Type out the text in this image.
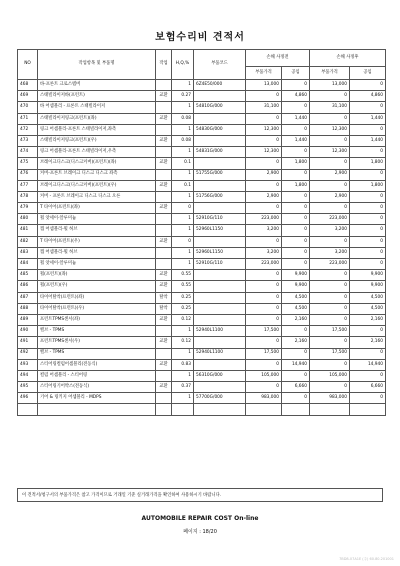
보험수리비 견적서
NO	작업항목 및 부품명	작업	H,Q,%	부품코드	손해 사정전		손해 사정후	
					부품가격	공임	부품가격	공임
468	바-프론트 크로스멤버		1	6Z4E50/000	13,000	0	13,000	0
469	스태빌라이저바(프런트)	교환	0.27		0	4,860	0	4,860
470	바 어셈블리 - 프론트 스태빌라이저		1	54810G/000	31,100	0	31,100	0
471	스태빌라이저링크(프런트)(좌)	교환	0.08		0	1,440	0	1,440
472	링크 어셈블리-프론트 스태빌라이저,좌측		1	54830G/000	12,300	0	12,300	0
473	스태빌라이저링크(프런트)(우)	교환	0.08		0	1,440	0	1,440
474	링크 어셈블리-프론트 스태빌라이저,우측		1	54831G/000	12,300	0	12,300	0
475	브레이크디스크(디스크커버)(프런트)(좌)	교환	0.1		0	1,800	0	1,800
476	커버-프론트 브레이크 디스크 디스크 좌측		1	51755G/000	2,900	0	2,900	0
477	브레이크디스크(디스크커버)(프런트)(우)	교환	0.1		0	1,800	0	1,800
478	커버 - 프론트 브레이크 디스크 디스크 오른		1	51756G/000	2,900	0	2,900	0
479	T 타이어(프런트)(좌)	교환	0		0	0	0	0
480	휠 앗세이-알루미늄		1	52910G/110	223,000	0	223,000	0
481	캡 어셈블리-휠 허브		1	52960L1150	3,200	0	3,200	0
482	T 타이어(프런트)(우)	교환	0		0	0	0	0
483	캡 어셈블리-휠 허브		1	52960L1150	3,200	0	3,200	0
484	휠 앗세이-알루미늄		1	52910G/110	223,000	0	223,000	0
485	휠(프런트)(좌)	교환	0.55		0	9,900	0	9,900
486	휠(프런트)(우)	교환	0.55		0	9,900	0	9,900
487	타이어탈착(프런트)(좌)	탈착	0.25		0	4,500	0	4,500
488	타이어탈착(프런트)(우)	탈착	0.25		0	4,500	0	4,500
489	프런트TPMS센서(좌)	교환	0.12		0	2,160	0	2,160
490	밸브 - TPMS		1	52940L1100	17,500	0	17,500	0
491	프런트TPMS센서(우)	교환	0.12		0	2,160	0	2,160
492	밸브 - TPMS		1	52940L1100	17,500	0	17,500	0
493	스티어링컬럼어셈블리(전동식)	교환	0.83		0	14,940	0	14,940
494	컬럼 어셈블리 - 스티어링		1	56310G/000	105,000	0	105,000	0
495	스티어링기어박스(전동식)	교환	0.37		0	6,660	0	6,660
496	기어 & 링키지 어셈블리 - MDPS		1	57700G/000	983,000	0	983,000	0

이 견적서/청구서의 부품가격은 참고 가격이므로 거래일 기준 실거래가격을 확인하여 사용하시기 바랍니다.
AUTOMOBILE REPAIR COST On-line
페이지 : 18/20
7BD8-07A1E (주) 60.80.201001
